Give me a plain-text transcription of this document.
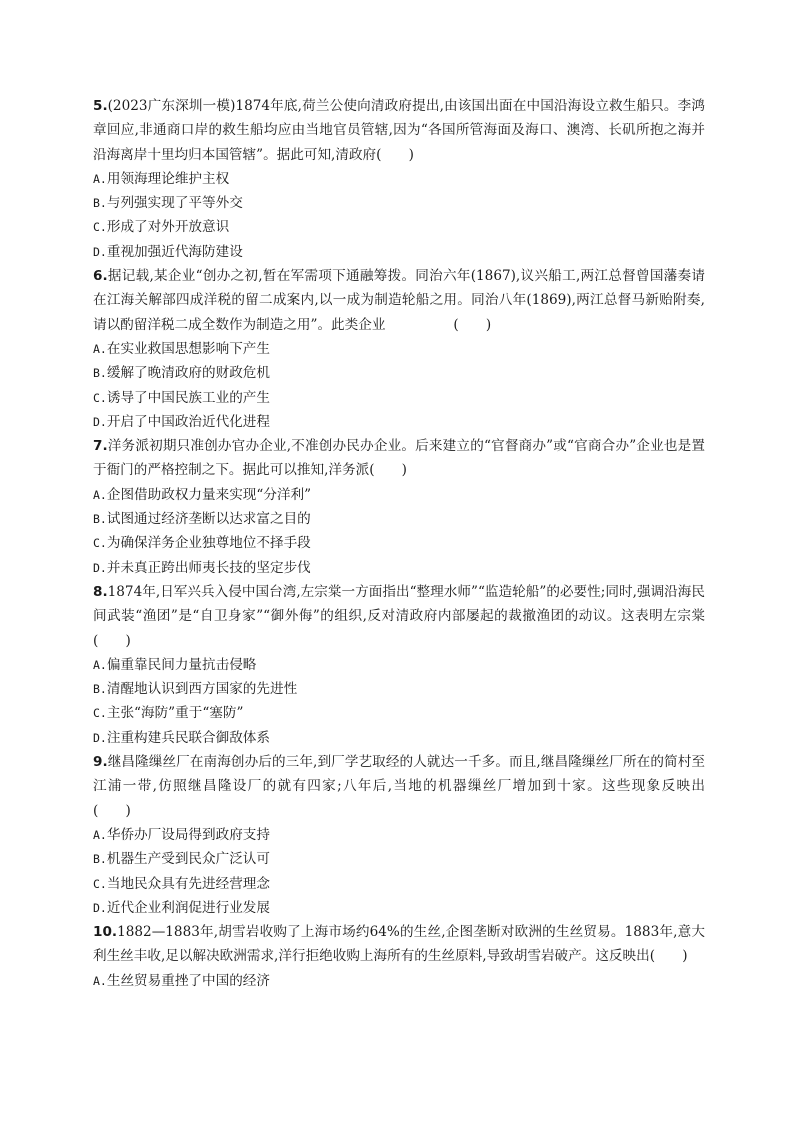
5.(2023广东深圳一模)1874年底,荷兰公使向清政府提出,由该国出面在中国沿海设立救生船只。李鸿章回应,非通商口岸的救生船均应由当地官员管辖,因为“各国所管海面及海口、澳湾、长矶所抱之海并沿海离岸十里均归本国管辖”。据此可知,清政府(　　)

A.用领海理论维护主权
B.与列强实现了平等外交
C.形成了对外开放意识
D.重视加强近代海防建设

6.据记载,某企业“创办之初,暂在军需项下通融筹拨。同治六年(1867),议兴船工,两江总督曾国藩奏请在江海关解部四成洋税的留二成案内,以一成为制造轮船之用。同治八年(1869),两江总督马新贻附奏,请以酌留洋税二成全数作为制造之用”。此类企业　　　　　(　　)

A.在实业救国思想影响下产生
B.缓解了晚清政府的财政危机
C.诱导了中国民族工业的产生
D.开启了中国政治近代化进程

7.洋务派初期只准创办官办企业,不准创办民办企业。后来建立的“官督商办”或“官商合办”企业也是置于衙门的严格控制之下。据此可以推知,洋务派(　　)

A.企图借助政权力量来实现“分洋利”
B.试图通过经济垄断以达求富之目的
C.为确保洋务企业独尊地位不择手段
D.并未真正跨出师夷长技的坚定步伐

8.1874年,日军兴兵入侵中国台湾,左宗棠一方面指出“整理水师”“监造轮船”的必要性;同时,强调沿海民间武装“渔团”是“自卫身家”“御外侮”的组织,反对清政府内部屡起的裁撤渔团的动议。这表明左宗棠(　　)

A.偏重靠民间力量抗击侵略
B.清醒地认识到西方国家的先进性
C.主张“海防”重于“塞防”
D.注重构建兵民联合御敌体系

9.继昌隆缫丝厂在南海创办后的三年,到厂学艺取经的人就达一千多。而且,继昌隆缫丝厂所在的简村至江浦一带,仿照继昌隆设厂的就有四家;八年后,当地的机器缫丝厂增加到十家。这些现象反映出　　　　　　(　　)

A.华侨办厂设局得到政府支持
B.机器生产受到民众广泛认可
C.当地民众具有先进经营理念
D.近代企业利润促进行业发展

10.1882—1883年,胡雪岩收购了上海市场约64%的生丝,企图垄断对欧洲的生丝贸易。1883年,意大利生丝丰收,足以解决欧洲需求,洋行拒绝收购上海所有的生丝原料,导致胡雪岩破产。这反映出(　　)

A.生丝贸易重挫了中国的经济
